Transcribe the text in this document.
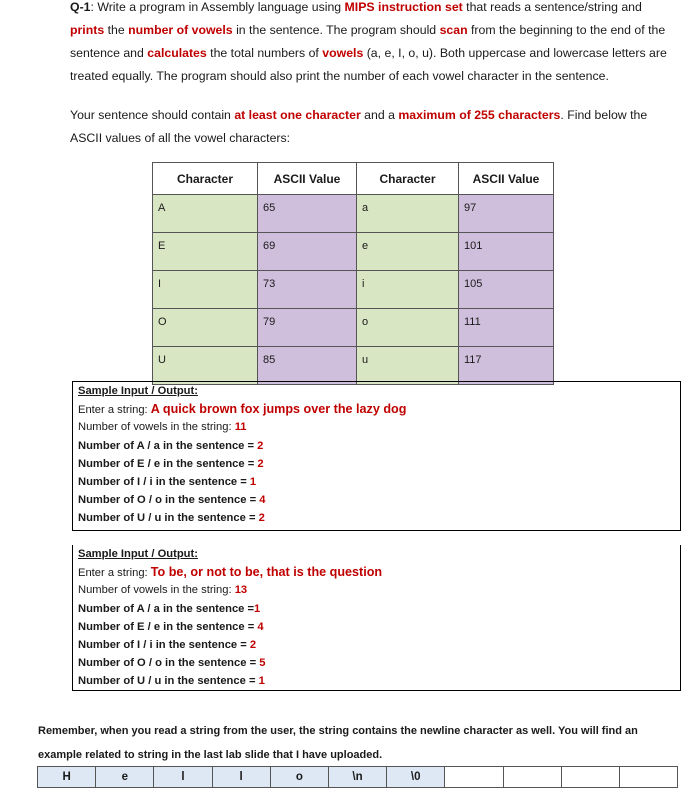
Q-1: Write a program in Assembly language using MIPS instruction set that reads a sentence/string and prints the number of vowels in the sentence. The program should scan from the beginning to the end of the sentence and calculates the total numbers of vowels (a, e, I, o, u). Both uppercase and lowercase letters are treated equally. The program should also print the number of each vowel character in the sentence.
Your sentence should contain at least one character and a maximum of 255 characters. Find below the ASCII values of all the vowel characters:
Character	ASCII Value	Character	ASCII Value
A	65	a	97
E	69	e	101
I	73	i	105
O	79	o	111
U	85	u	117
Sample Input / Output:
Enter a string: A quick brown fox jumps over the lazy dog
Number of vowels in the string: 11
Number of A / a in the sentence = 2
Number of E / e in the sentence = 2
Number of I / i in the sentence = 1
Number of O / o in the sentence = 4
Number of U / u in the sentence = 2
Sample Input / Output:
Enter a string: To be, or not to be, that is the question
Number of vowels in the string: 13
Number of A / a in the sentence =1
Number of E / e in the sentence = 4
Number of I / i in the sentence = 2
Number of O / o in the sentence = 5
Number of U / u in the sentence = 1
Remember, when you read a string from the user, the string contains the newline character as well. You will find an example related to string in the last lab slide that I have uploaded.
H	e	l	l	o	\n	\0				
